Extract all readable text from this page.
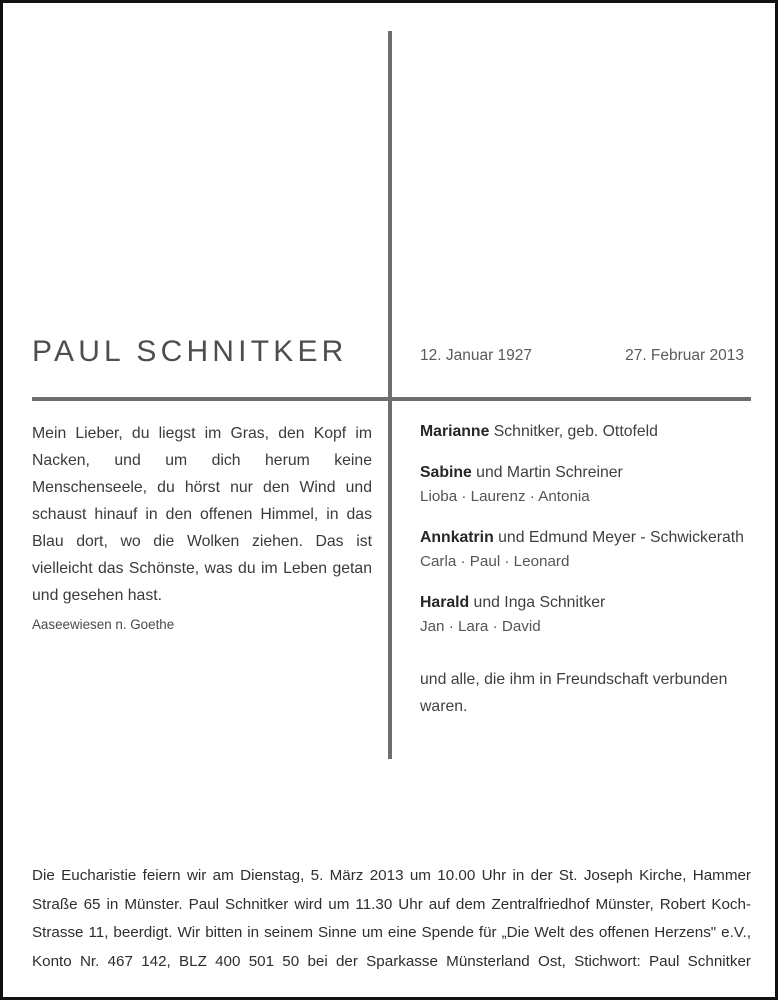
PAUL SCHNITKER	12. Januar 1927	27. Februar 2013

Mein Lieber, du liegst im Gras, den Kopf im Nacken, und um dich herum keine Menschenseele, du hörst nur den Wind und schaust hinauf in den offenen Himmel, in das Blau dort, wo die Wolken ziehen. Das ist vielleicht das Schönste, was du im Leben getan und gesehen hast.

Aaseewiesen n. Goethe

Marianne Schnitker, geb. Ottofeld
Sabine und Martin Schreiner
Lioba · Laurenz · Antonia
Annkatrin und Edmund Meyer - Schwickerath
Carla · Paul · Leonard
Harald und Inga Schnitker
Jan · Lara · David
und alle, die ihm in Freundschaft verbunden waren.

Die Eucharistie feiern wir am Dienstag, 5. März 2013 um 10.00 Uhr in der St. Joseph Kirche, Hammer Straße 65 in Münster. Paul Schnitker wird um 11.30 Uhr auf dem Zentralfriedhof Münster, Robert Koch-Strasse 11, beerdigt. Wir bitten in seinem Sinne um eine Spende für „Die Welt des offenen Herzens" e.V., Konto Nr. 467 142, BLZ 400 501 50 bei der Sparkasse Münsterland Ost, Stichwort: Paul Schnitker
